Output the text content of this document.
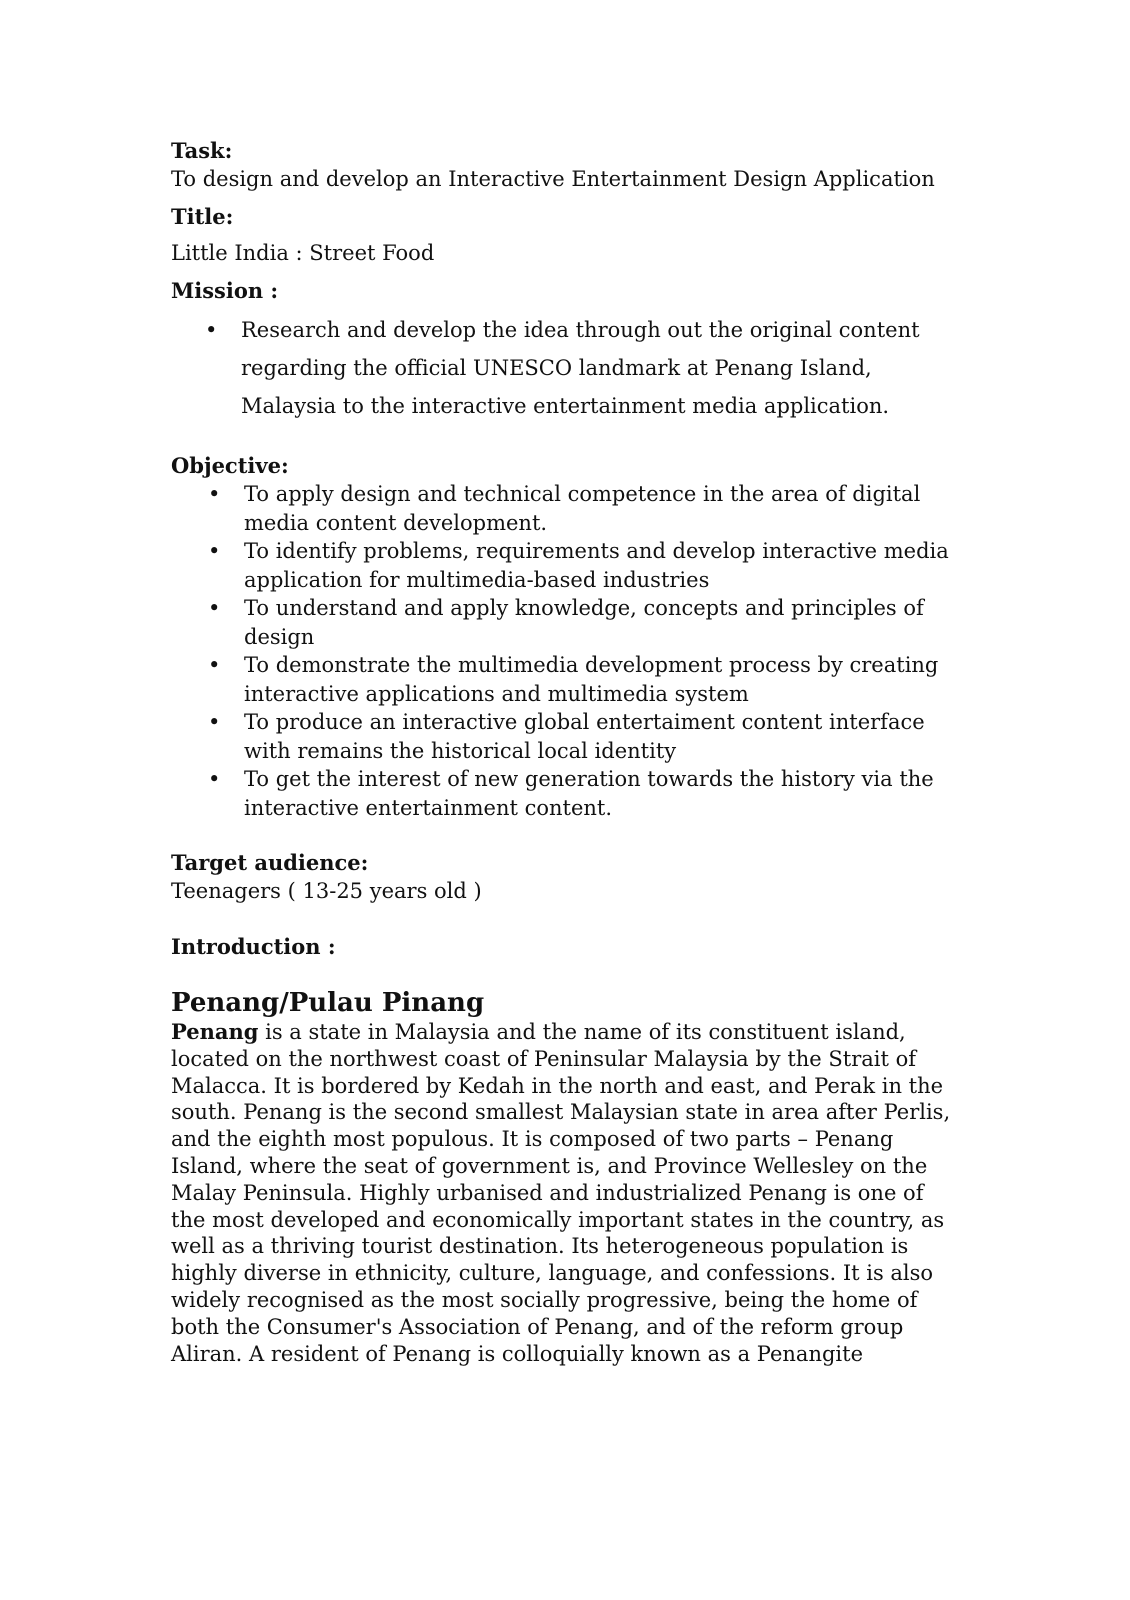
Task:

To design and develop an Interactive Entertainment Design Application

Title:

Little India : Street Food

Mission :

• Research and develop the idea through out the original content regarding the official UNESCO landmark at Penang Island, Malaysia to the interactive entertainment media application.

Objective:

• To apply design and technical competence in the area of digital media content development.
• To identify problems, requirements and develop interactive media application for multimedia-based industries
• To understand and apply knowledge, concepts and principles of design
• To demonstrate the multimedia development process by creating interactive applications and multimedia system
• To produce an interactive global entertaiment content interface with remains the historical local identity
• To get the interest of new generation towards the history via the interactive entertainment content.

Target audience:

Teenagers ( 13-25 years old )

Introduction :

Penang/Pulau Pinang

Penang is a state in Malaysia and the name of its constituent island, located on the northwest coast of Peninsular Malaysia by the Strait of Malacca. It is bordered by Kedah in the north and east, and Perak in the south. Penang is the second smallest Malaysian state in area after Perlis, and the eighth most populous. It is composed of two parts – Penang Island, where the seat of government is, and Province Wellesley on the Malay Peninsula. Highly urbanised and industrialized Penang is one of the most developed and economically important states in the country, as well as a thriving tourist destination. Its heterogeneous population is highly diverse in ethnicity, culture, language, and confessions. It is also widely recognised as the most socially progressive, being the home of both the Consumer's Association of Penang, and of the reform group Aliran. A resident of Penang is colloquially known as a Penangite
